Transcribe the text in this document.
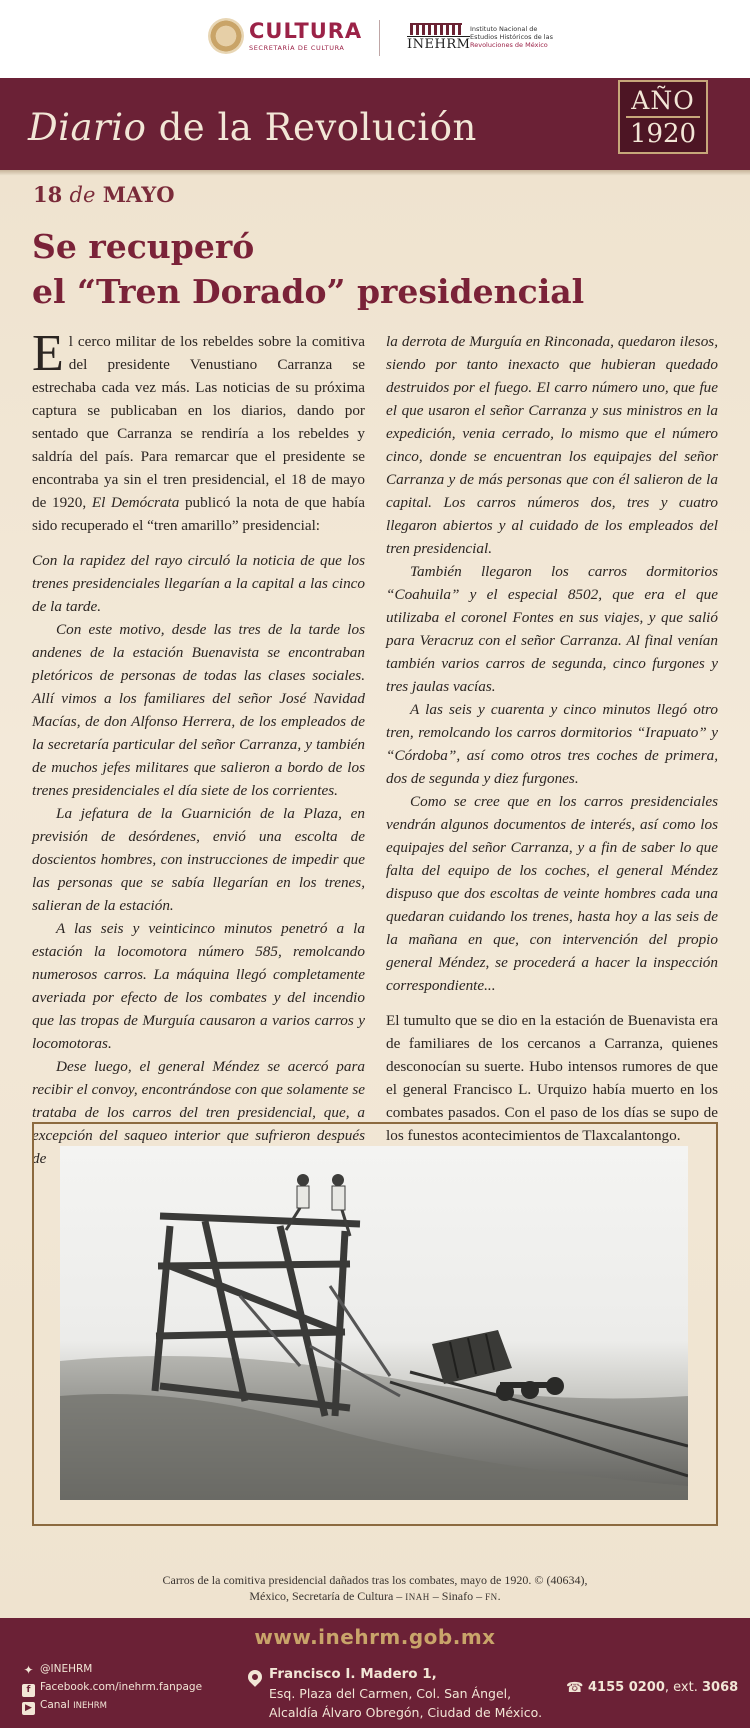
CULTURA
SECRETARÍA DE CULTURA	INEHRM
Instituto Nacional de
Estudios Históricos de las
Revoluciones de México
Diario de la Revolución
AÑO
1920
18 de MAYO
Se recuperó
el “Tren Dorado” presidencial

El cerco militar de los rebeldes sobre la comitiva del presidente Venustiano Carranza se estrechaba cada vez más. Las noticias de su próxima captura se publicaban en los diarios, dando por sentado que Carranza se rendiría a los rebeldes y saldría del país. Para remarcar que el presidente se encontraba ya sin el tren presidencial, el 18 de mayo de 1920, El Demócrata publicó la nota de que había sido recuperado el “tren amarillo” presidencial:

Con la rapidez del rayo circuló la noticia de que los trenes presidenciales llegarían a la capital a las cinco de la tarde.

Con este motivo, desde las tres de la tarde los andenes de la estación Buenavista se encontraban pletóricos de personas de todas las clases sociales. Allí vimos a los familiares del señor José Navidad Macías, de don Alfonso Herrera, de los empleados de la secretaría particular del señor Carranza, y también de muchos jefes militares que salieron a bordo de los trenes presidenciales el día siete de los corrientes.

La jefatura de la Guarnición de la Plaza, en previsión de desórdenes, envió una escolta de doscientos hombres, con instrucciones de impedir que las personas que se sabía llegarían en los trenes, salieran de la estación.

A las seis y veinticinco minutos penetró a la estación la locomotora número 585, remolcando numerosos carros. La máquina llegó completamente averiada por efecto de los combates y del incendio que las tropas de Murguía causaron a varios carros y locomotoras.

Dese luego, el general Méndez se acercó para recibir el convoy, encontrándose con que solamente se trataba de los carros del tren presidencial, que, a excepción del saqueo interior que sufrieron después de

la derrota de Murguía en Rinconada, quedaron ilesos, siendo por tanto inexacto que hubieran quedado destruidos por el fuego. El carro número uno, que fue el que usaron el señor Carranza y sus ministros en la expedición, venia cerrado, lo mismo que el número cinco, donde se encuentran los equipajes del señor Carranza y de más personas que con él salieron de la capital. Los carros números dos, tres y cuatro llegaron abiertos y al cuidado de los empleados del tren presidencial.

También llegaron los carros dormitorios “Coahuila” y el especial 8502, que era el que utilizaba el coronel Fontes en sus viajes, y que salió para Veracruz con el señor Carranza. Al final venían también varios carros de segunda, cinco furgones y tres jaulas vacías.

A las seis y cuarenta y cinco minutos llegó otro tren, remolcando los carros dormitorios “Irapuato” y “Córdoba”, así como otros tres coches de primera, dos de segunda y diez furgones.

Como se cree que en los carros presidenciales vendrán algunos documentos de interés, así como los equipajes del señor Carranza, y a fin de saber lo que falta del equipo de los coches, el general Méndez dispuso que dos escoltas de veinte hombres cada una quedaran cuidando los trenes, hasta hoy a las seis de la mañana en que, con intervención del propio general Méndez, se procederá a hacer la inspección correspondiente...

El tumulto que se dio en la estación de Buenavista era de familiares de los cercanos a Carranza, quienes desconocían su suerte. Hubo intensos rumores de que el general Francisco L. Urquizo había muerto en los combates pasados. Con el paso de los días se supo de los funestos acontecimientos de Tlaxcalantongo.

Carros de la comitiva presidencial dañados tras los combates, mayo de 1920. © (40634),
México, Secretaría de Cultura – INAH – Sinafo – FN.
www.inehrm.gob.mx
✦ @INEHRM
f Facebook.com/inehrm.fanpage
▶ Canal INEHRM
Francisco I. Madero 1,
Esq. Plaza del Carmen, Col. San Ángel,
Alcaldía Álvaro Obregón, Ciudad de México.
☎ 4155 0200, ext. 3068
